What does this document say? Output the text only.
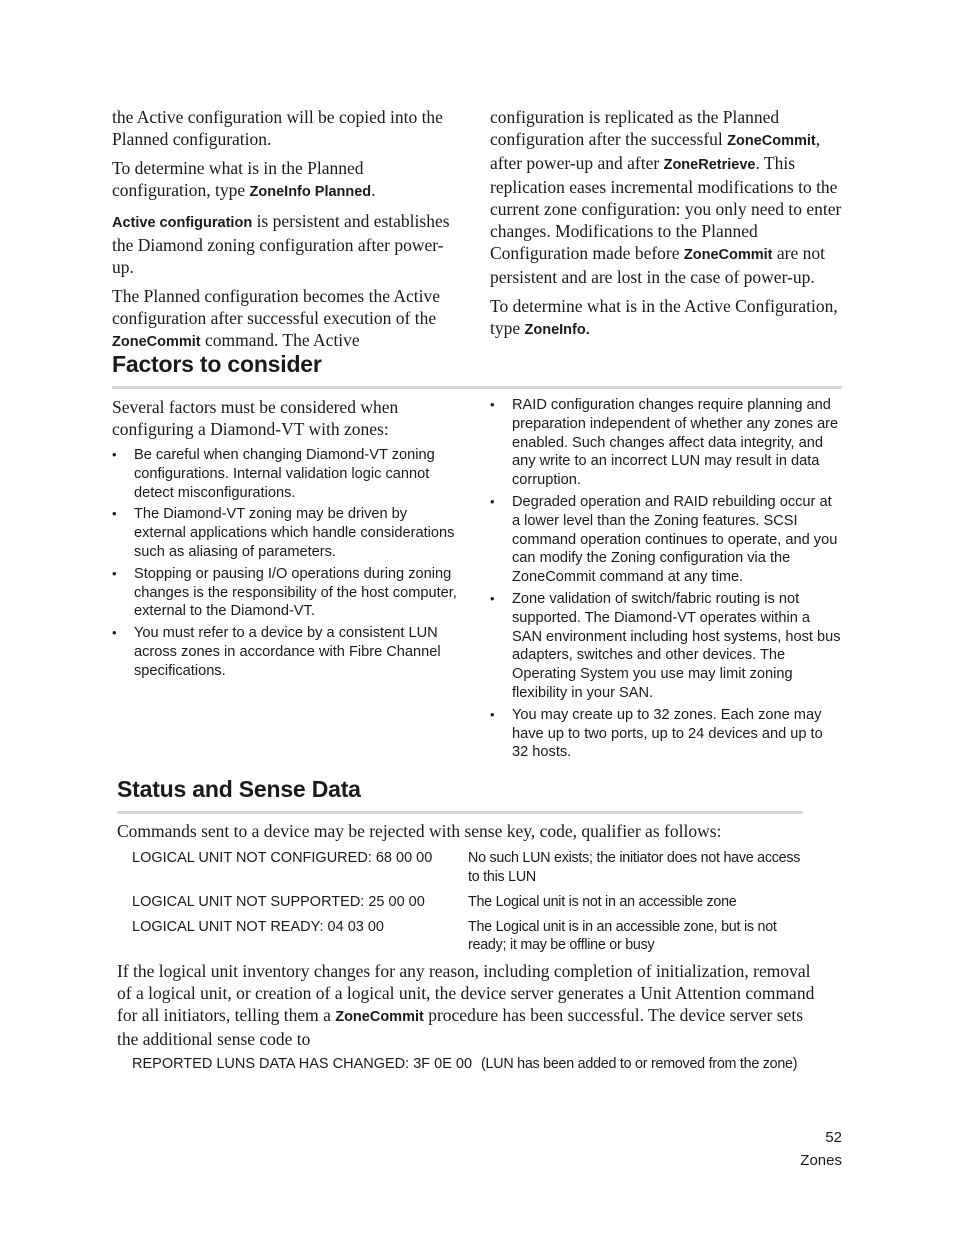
the Active configuration will be copied into the Planned configuration.

To determine what is in the Planned configuration, type ZoneInfo Planned.

Active configuration is persistent and establishes the Diamond zoning configuration after power-up.

The Planned configuration becomes the Active configuration after successful execution of the ZoneCommit command. The Active

configuration is replicated as the Planned configuration after the successful ZoneCommit, after power-up and after ZoneRetrieve. This replication eases incremental modifications to the current zone configuration: you only need to enter changes. Modifications to the Planned Configuration made before ZoneCommit are not persistent and are lost in the case of power-up.

To determine what is in the Active Configuration, type ZoneInfo.

Factors to consider

Several factors must be considered when configuring a Diamond-VT with zones:

• Be careful when changing Diamond-VT zoning configurations. Internal validation logic cannot detect misconfigurations.
• The Diamond-VT zoning may be driven by external applications which handle considerations such as aliasing of parameters.
• Stopping or pausing I/O operations during zoning changes is the responsibility of the host computer, external to the Diamond-VT.
• You must refer to a device by a consistent LUN across zones in accordance with Fibre Channel specifications.
• RAID configuration changes require planning and preparation independent of whether any zones are enabled. Such changes affect data integrity, and any write to an incorrect LUN may result in data corruption.
• Degraded operation and RAID rebuilding occur at a lower level than the Zoning features. SCSI command operation continues to operate, and you can modify the Zoning configuration via the ZoneCommit command at any time.
• Zone validation of switch/fabric routing is not supported. The Diamond-VT operates within a SAN environment including host systems, host bus adapters, switches and other devices. The Operating System you use may limit zoning flexibility in your SAN.
• You may create up to 32 zones. Each zone may have up to two ports, up to 24 devices and up to 32 hosts.
Status and Sense Data
Commands sent to a device may be rejected with sense key, code, qualifier as follows:
LOGICAL UNIT NOT CONFIGURED: 68 00 00	No such LUN exists; the initiator does not have access to this LUN
LOGICAL UNIT NOT SUPPORTED: 25 00 00	The Logical unit is not in an accessible zone
LOGICAL UNIT NOT READY: 04 03 00	The Logical unit is in an accessible zone, but is not ready; it may be offline or busy
If the logical unit inventory changes for any reason, including completion of initialization, removal of a logical unit, or creation of a logical unit, the device server generates a Unit Attention command for all initiators, telling them a ZoneCommit procedure has been successful. The device server sets the additional sense code to
REPORTED LUNS DATA HAS CHANGED: 3F 0E 00 (LUN has been added to or removed from the zone)
52
Zones
